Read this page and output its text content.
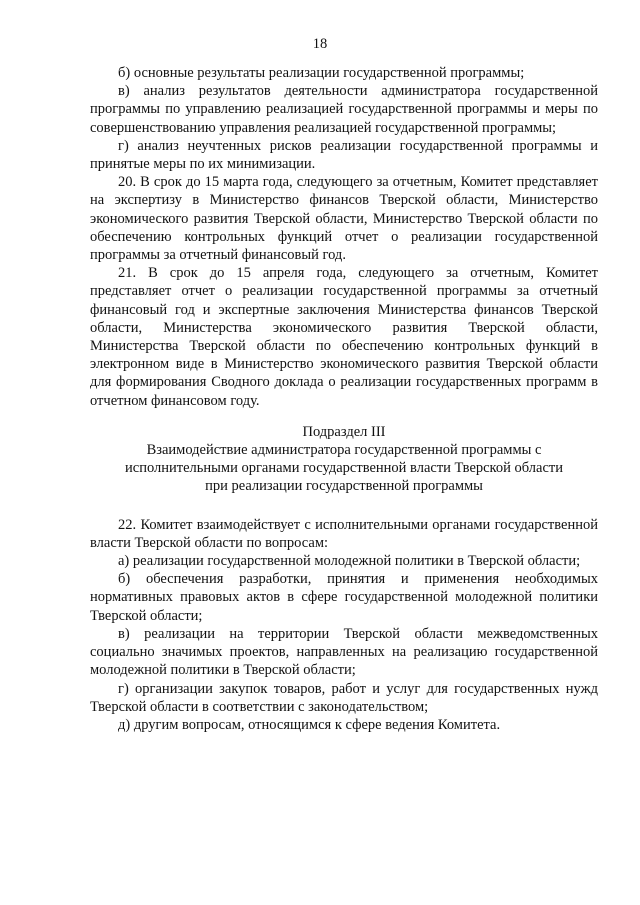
18

б) основные результаты реализации государственной программы;

в) анализ результатов деятельности администратора государственной программы по управлению реализацией государственной программы и меры по совершенствованию управления реализацией государственной программы;

г) анализ неучтенных рисков реализации государственной программы и принятые меры по их минимизации.

20. В срок до 15 марта года, следующего за отчетным, Комитет представляет на экспертизу в Министерство финансов Тверской области, Министерство экономического развития Тверской области, Министерство Тверской области по обеспечению контрольных функций отчет о реализации государственной программы за отчетный финансовый год.

21. В срок до 15 апреля года, следующего за отчетным, Комитет представляет отчет о реализации государственной программы за отчетный финансовый год и экспертные заключения Министерства финансов Тверской области, Министерства экономического развития Тверской области, Министерства Тверской области по обеспечению контрольных функций в электронном виде в Министерство экономического развития Тверской области для формирования Сводного доклада о реализации государственных программ в отчетном финансовом году.

Подраздел III
Взаимодействие администратора государственной программы с
исполнительными органами государственной власти Тверской области
при реализации государственной программы

22. Комитет взаимодействует с исполнительными органами государственной власти Тверской области по вопросам:

а) реализации государственной молодежной политики в Тверской области;

б) обеспечения разработки, принятия и применения необходимых нормативных правовых актов в сфере государственной молодежной политики Тверской области;

в) реализации на территории Тверской области межведомственных социально значимых проектов, направленных на реализацию государственной молодежной политики в Тверской области;

г) организации закупок товаров, работ и услуг для государственных нужд Тверской области в соответствии с законодательством;

д) другим вопросам, относящимся к сфере ведения Комитета.
